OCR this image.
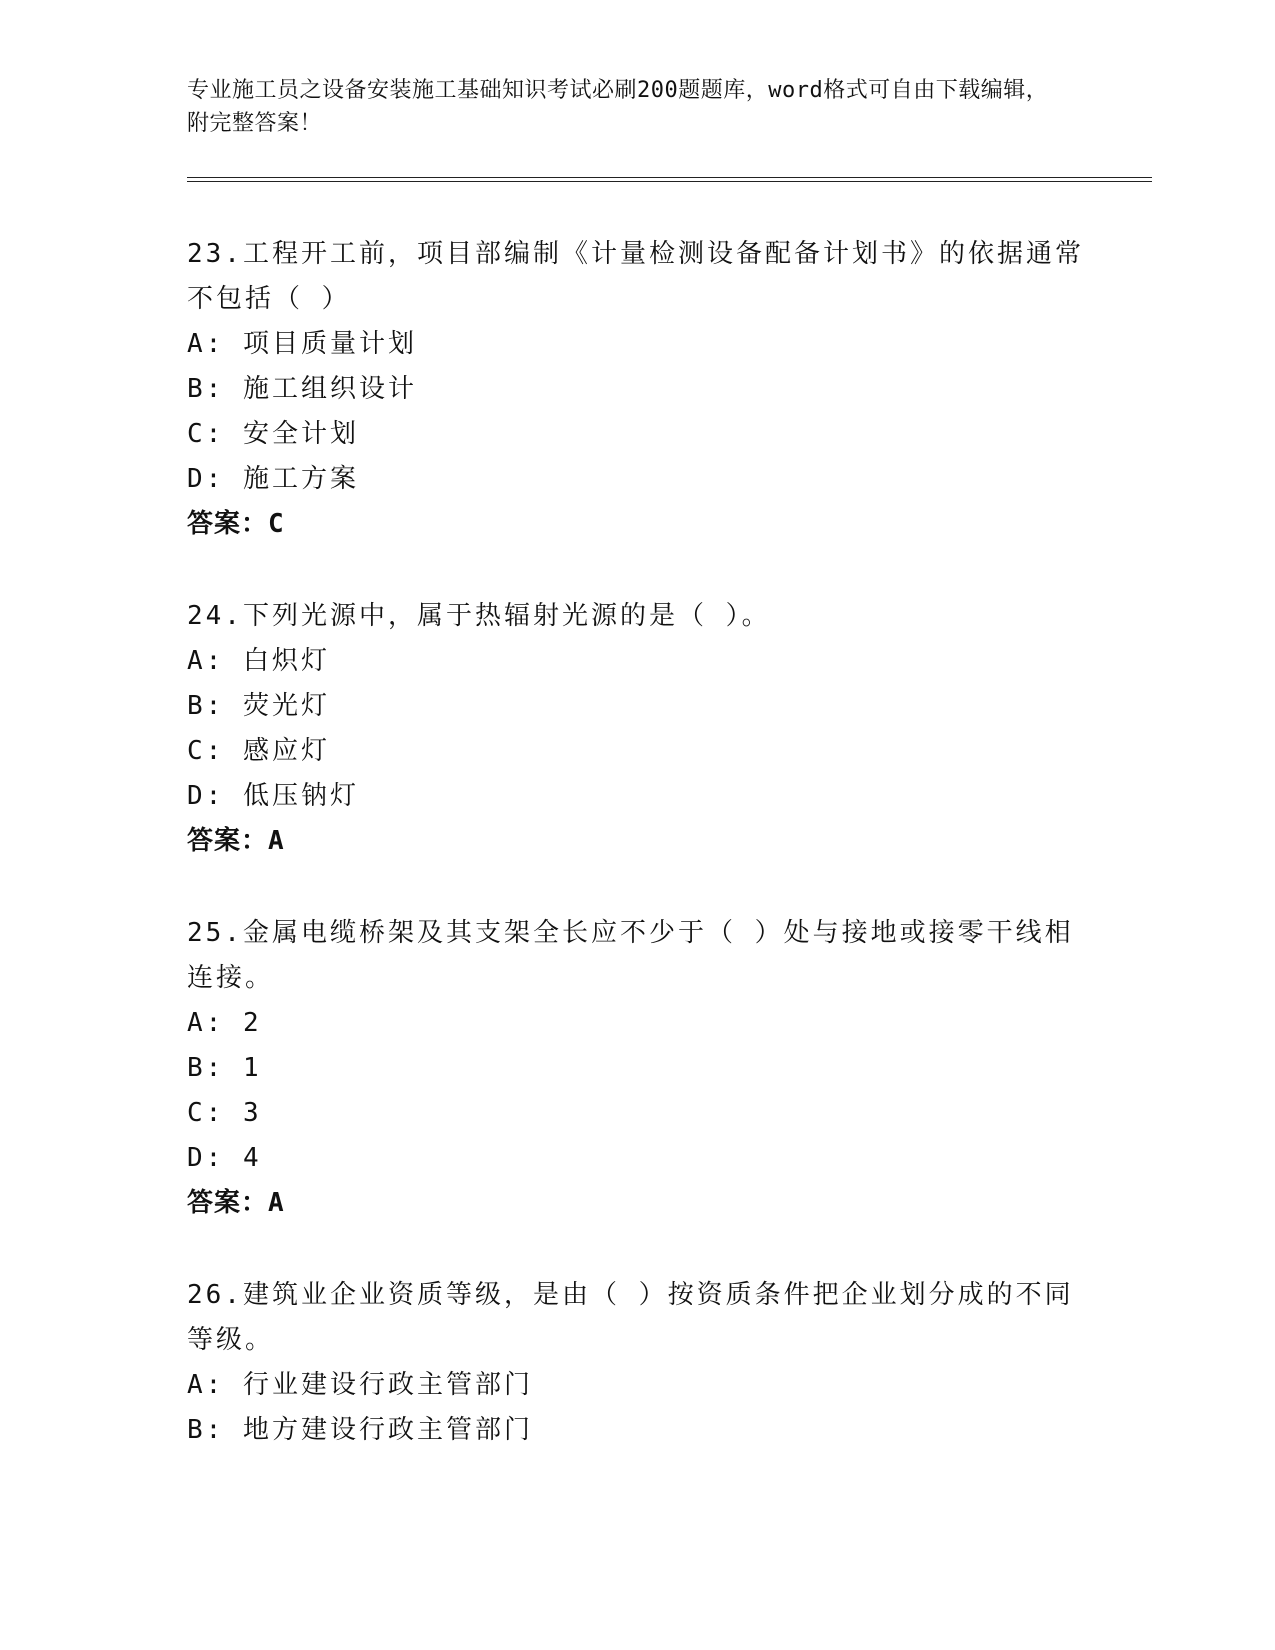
专业施工员之设备安装施工基础知识考试必刷200题题库，word格式可自由下载编辑，附完整答案！

23.工程开工前，项目部编制《计量检测设备配备计划书》的依据通常不包括（ ）

A: 项目质量计划

B: 施工组织设计

C: 安全计划

D: 施工方案

答案：C

24.下列光源中，属于热辐射光源的是（ ）。

A: 白炽灯

B: 荧光灯

C: 感应灯

D: 低压钠灯

答案：A

25.金属电缆桥架及其支架全长应不少于（ ）处与接地或接零干线相连接。

A: 2

B: 1

C: 3

D: 4

答案：A

26.建筑业企业资质等级，是由（ ）按资质条件把企业划分成的不同等级。

A: 行业建设行政主管部门

B: 地方建设行政主管部门
